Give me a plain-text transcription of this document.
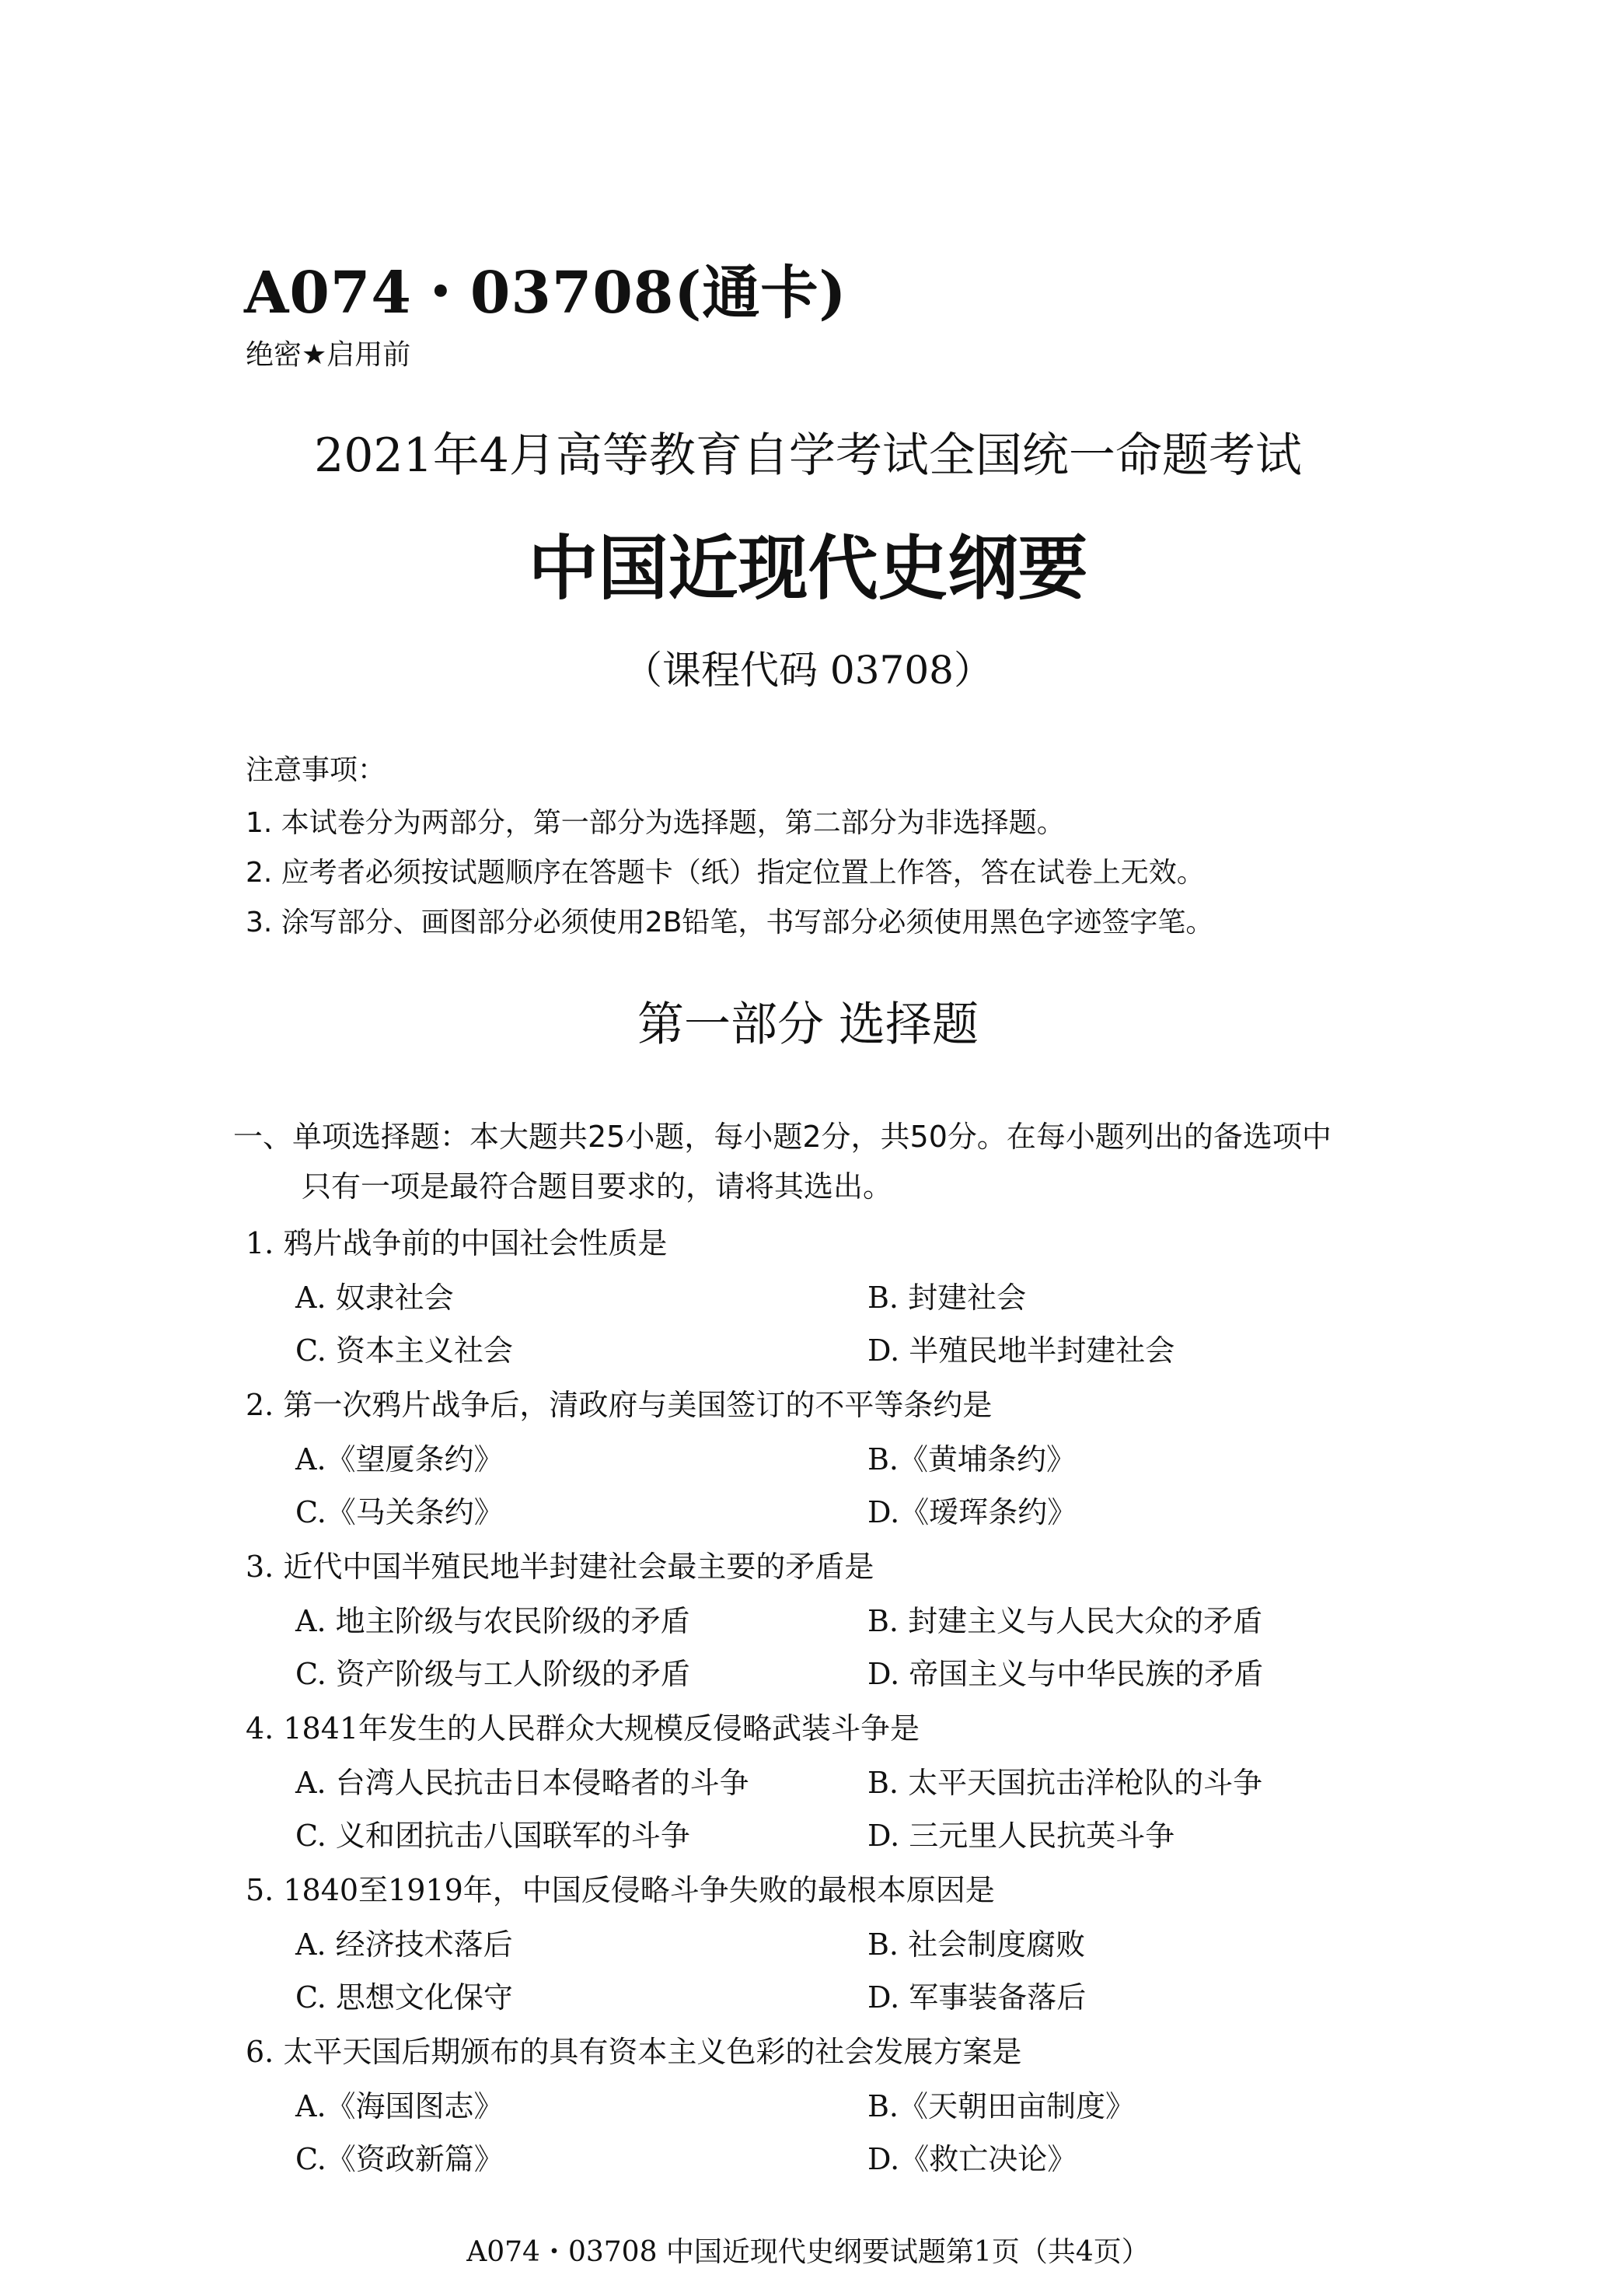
A074・03708(通卡)
绝密★启用前
2021年4月高等教育自学考试全国统一命题考试
中国近现代史纲要
（课程代码 03708）
注意事项：
1. 本试卷分为两部分，第一部分为选择题，第二部分为非选择题。
2. 应考者必须按试题顺序在答题卡（纸）指定位置上作答，答在试卷上无效。
3. 涂写部分、画图部分必须使用2B铅笔，书写部分必须使用黑色字迹签字笔。
第一部分 选择题
一、单项选择题：本大题共25小题，每小题2分，共50分。在每小题列出的备选项中
只有一项是最符合题目要求的，请将其选出。
1. 鸦片战争前的中国社会性质是
A. 奴隶社会	B. 封建社会
C. 资本主义社会	D. 半殖民地半封建社会
2. 第一次鸦片战争后，清政府与美国签订的不平等条约是
A.《望厦条约》	B.《黄埔条约》
C.《马关条约》	D.《瑷珲条约》
3. 近代中国半殖民地半封建社会最主要的矛盾是
A. 地主阶级与农民阶级的矛盾	B. 封建主义与人民大众的矛盾
C. 资产阶级与工人阶级的矛盾	D. 帝国主义与中华民族的矛盾
4. 1841年发生的人民群众大规模反侵略武装斗争是
A. 台湾人民抗击日本侵略者的斗争	B. 太平天国抗击洋枪队的斗争
C. 义和团抗击八国联军的斗争	D. 三元里人民抗英斗争
5. 1840至1919年，中国反侵略斗争失败的最根本原因是
A. 经济技术落后	B. 社会制度腐败
C. 思想文化保守	D. 军事装备落后
6. 太平天国后期颁布的具有资本主义色彩的社会发展方案是
A.《海国图志》	B.《天朝田亩制度》
C.《资政新篇》	D.《救亡决论》
A074・03708 中国近现代史纲要试题第1页（共4页）
